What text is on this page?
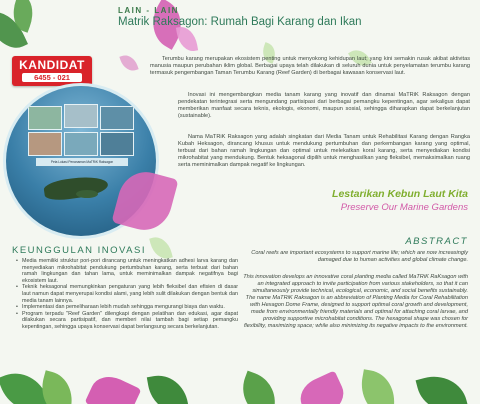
LAIN - LAIN
Matrik Raksagon: Rumah Bagi Karang dan Ikan
KANDIDAT
6455 - 021
Peta Lokasi Penanaman MaTRiK Raksagon

Terumbu karang merupakan ekosistem penting untuk menyokong kehidupan laut; yang kini semakin rusak akibat aktivitas manusia maupun perubahan iklim global. Berbagai upaya telah dilakukan di seluruh dunia untuk penyelamatan terumbu karang termasuk pengembangan Taman Terumbu Karang (Reef Garden) di berbagai kawasan konservasi laut.

Inovasi ini mengembangkan media tanam karang yang inovatif dan dinamai MaTRiK Raksagon dengan pendekatan terintegrasi serta mengundang partisipasi dari berbagai pemangku kepentingan, agar sekaligus dapat memberikan manfaat secara teknis, ekologis, ekonomi, maupun sosial, sehingga diharapkan dapat berkelanjutan (sustainable).

Nama MaTRiK Raksagon yang adalah singkatan dari Media Tanam untuk Rehabilitasi Karang dengan Rangka Kubah Heksagon, dirancang khusus untuk mendukung pertumbuhan dan perkembangan karang yang optimal, terbuat dari bahan ramah lingkungan dan optimal untuk melekatkan koral karang, serta menyediakan kondisi mikrohabitat yang mendukung. Bentuk heksagonal dipilih untuk menghasilkan yang fleksibel, memaksimalkan ruang serta meminimalkan dampak negatif ke lingkungan.

Lestarikan Kebun Laut Kita
Preserve Our Marine Gardens
KEUNGGULAN INOVASI
• Media memiliki struktur pori-pori dirancang untuk meningkatkan adhesi larva karang dan menyediakan mikrohabitat pendukung pertumbuhan karang, serta terbuat dari bahan ramah lingkungan dan tahan lama, untuk meminimalkan dampak negatifnya bagi ekosistem laut.
• Teknik heksagonal memungkinkan pengaturan yang lebih fleksibel dan efisien di dasar laut namun dapat menyerupai kondisi alami, yang lebih sulit dilakukan dengan bentuk dan media tanam lainnya.
• Implementasi dan pemeliharaan lebih mudah sehingga mengurangi biaya dan waktu.
• Program terpadu "Reef Garden" dilengkapi dengan pelatihan dan edukasi, agar dapat dilakukan secara partisipatif, dan memberi nilai tambah bagi setiap pemangku kepentingan, sehingga upaya konservasi dapat berlangsung secara berkelanjutan.
ABSTRACT

Coral reefs are important ecosystems to support marine life; which are now increasingly damaged due to human activities and global climate change.

This innovation develops an innovative coral planting media called MaTRiK RaKsagon with an integrated approach to invite participation from various stakeholders, so that it can simultaneously provide technical, ecological, economic, and social benefits sustainably. The name MaTRiK Raksagon is an abbreviation of Planting Media for Coral Rehabilitation with Hexagon Dome Frame, designed to support optimal coral growth and development, made from environmentally friendly materials and optimal for attaching coral larvae, and providing supportive microhabitat conditions. The hexagonal shape was chosen for flexibility, maximizing space; while also minimizing its negative impacts to the environment.
